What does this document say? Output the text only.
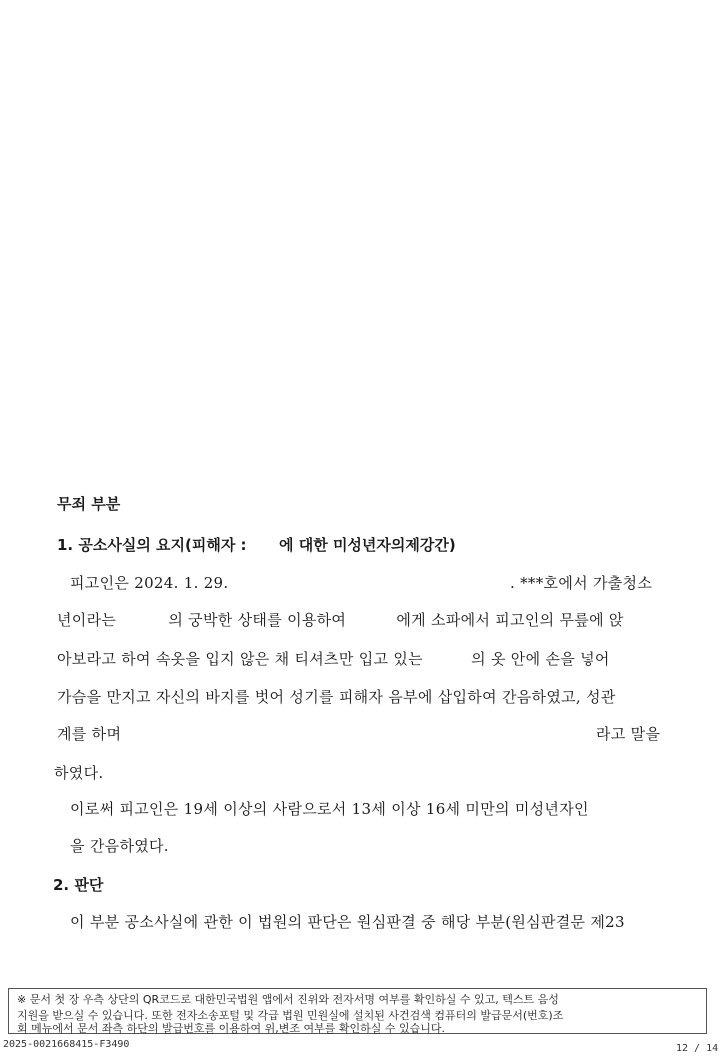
무죄 부분
1. 공소사실의 요지(피해자 : 에 대한 미성년자의제강간)
피고인은 2024. 1. 29.	. ***호에서 가출청소
년이라는	의 궁박한 상태를 이용하여	에게 소파에서 피고인의 무릎에 앉
아보라고 하여 속옷을 입지 않은 채 티셔츠만 입고 있는	의 옷 안에 손을 넣어
가슴을 만지고 자신의 바지를 벗어 성기를 피해자 음부에 삽입하여 간음하였고, 성관
계를 하며	라고 말을
하였다.
이로써 피고인은 19세 이상의 사람으로서 13세 이상 16세 미만의 미성년자인
을 간음하였다.
2. 판단
이 부분 공소사실에 관한 이 법원의 판단은 원심판결 중 해당 부분(원심판결문 제23
※ 문서 첫 장 우측 상단의 QR코드로 대한민국법원 앱에서 진위와 전자서명 여부를 확인하실 수 있고, 텍스트 음성
지원을 받으실 수 있습니다. 또한 전자소송포털 및 각급 법원 민원실에 설치된 사건검색 컴퓨터의 발급문서(번호)조
회 메뉴에서 문서 좌측 하단의 발급번호를 이용하여 위,변조 여부를 확인하실 수 있습니다.
2025-0021668415-F3490	12 / 14
